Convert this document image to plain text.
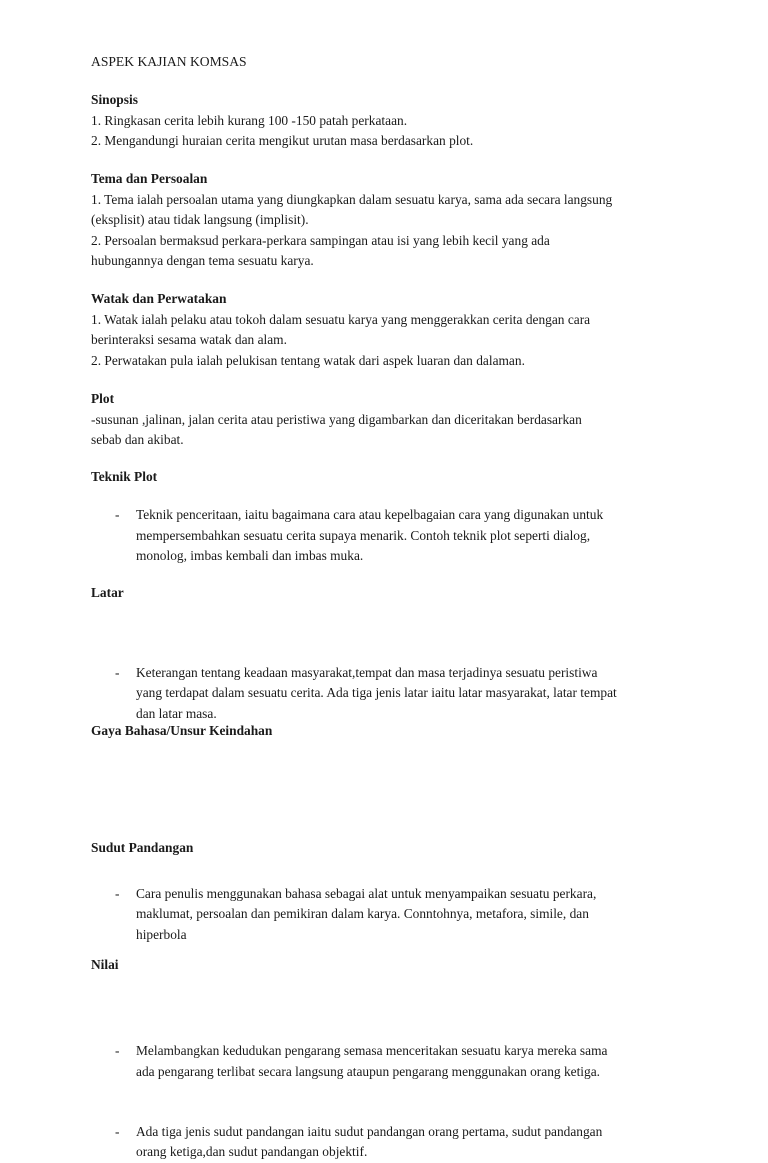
ASPEK KAJIAN KOMSAS
Sinopsis
1. Ringkasan cerita lebih kurang 100 -150 patah perkataan.
2. Mengandungi huraian cerita mengikut urutan masa berdasarkan plot.
Tema dan Persoalan
1. Tema ialah persoalan utama yang diungkapkan dalam sesuatu karya, sama ada secara langsung
(eksplisit) atau tidak langsung (implisit).
2. Persoalan bermaksud perkara-perkara sampingan atau isi yang lebih kecil yang ada
hubungannya dengan tema sesuatu karya.
Watak dan Perwatakan
1. Watak ialah pelaku atau tokoh dalam sesuatu karya yang menggerakkan cerita dengan cara
berinteraksi sesama watak dan alam.
2. Perwatakan pula ialah pelukisan tentang watak dari aspek luaran dan dalaman.
Plot
-susunan ,jalinan, jalan cerita atau peristiwa yang digambarkan dan diceritakan berdasarkan
sebab dan akibat.
Teknik Plot
- Teknik penceritaan, iaitu bagaimana cara atau kepelbagaian cara yang digunakan untuk
mempersembahkan sesuatu cerita supaya menarik. Contoh teknik plot seperti dialog,
monolog, imbas kembali dan imbas muka.
Latar
- Keterangan tentang keadaan masyarakat,tempat dan masa terjadinya sesuatu peristiwa
yang terdapat dalam sesuatu cerita. Ada tiga jenis latar iaitu latar masyarakat, latar tempat
dan latar masa.
Gaya Bahasa/Unsur Keindahan
- Cara penulis menggunakan bahasa sebagai alat untuk menyampaikan sesuatu perkara,
maklumat, persoalan dan pemikiran dalam karya. Conntohnya, metafora, simile, dan
hiperbola
Sudut Pandangan
- Melambangkan kedudukan pengarang semasa menceritakan sesuatu karya mereka sama
ada pengarang terlibat secara langsung ataupun pengarang menggunakan orang ketiga.
- Ada tiga jenis sudut pandangan iaitu sudut pandangan orang pertama, sudut pandangan
orang ketiga,dan sudut pandangan objektif.
Nilai
